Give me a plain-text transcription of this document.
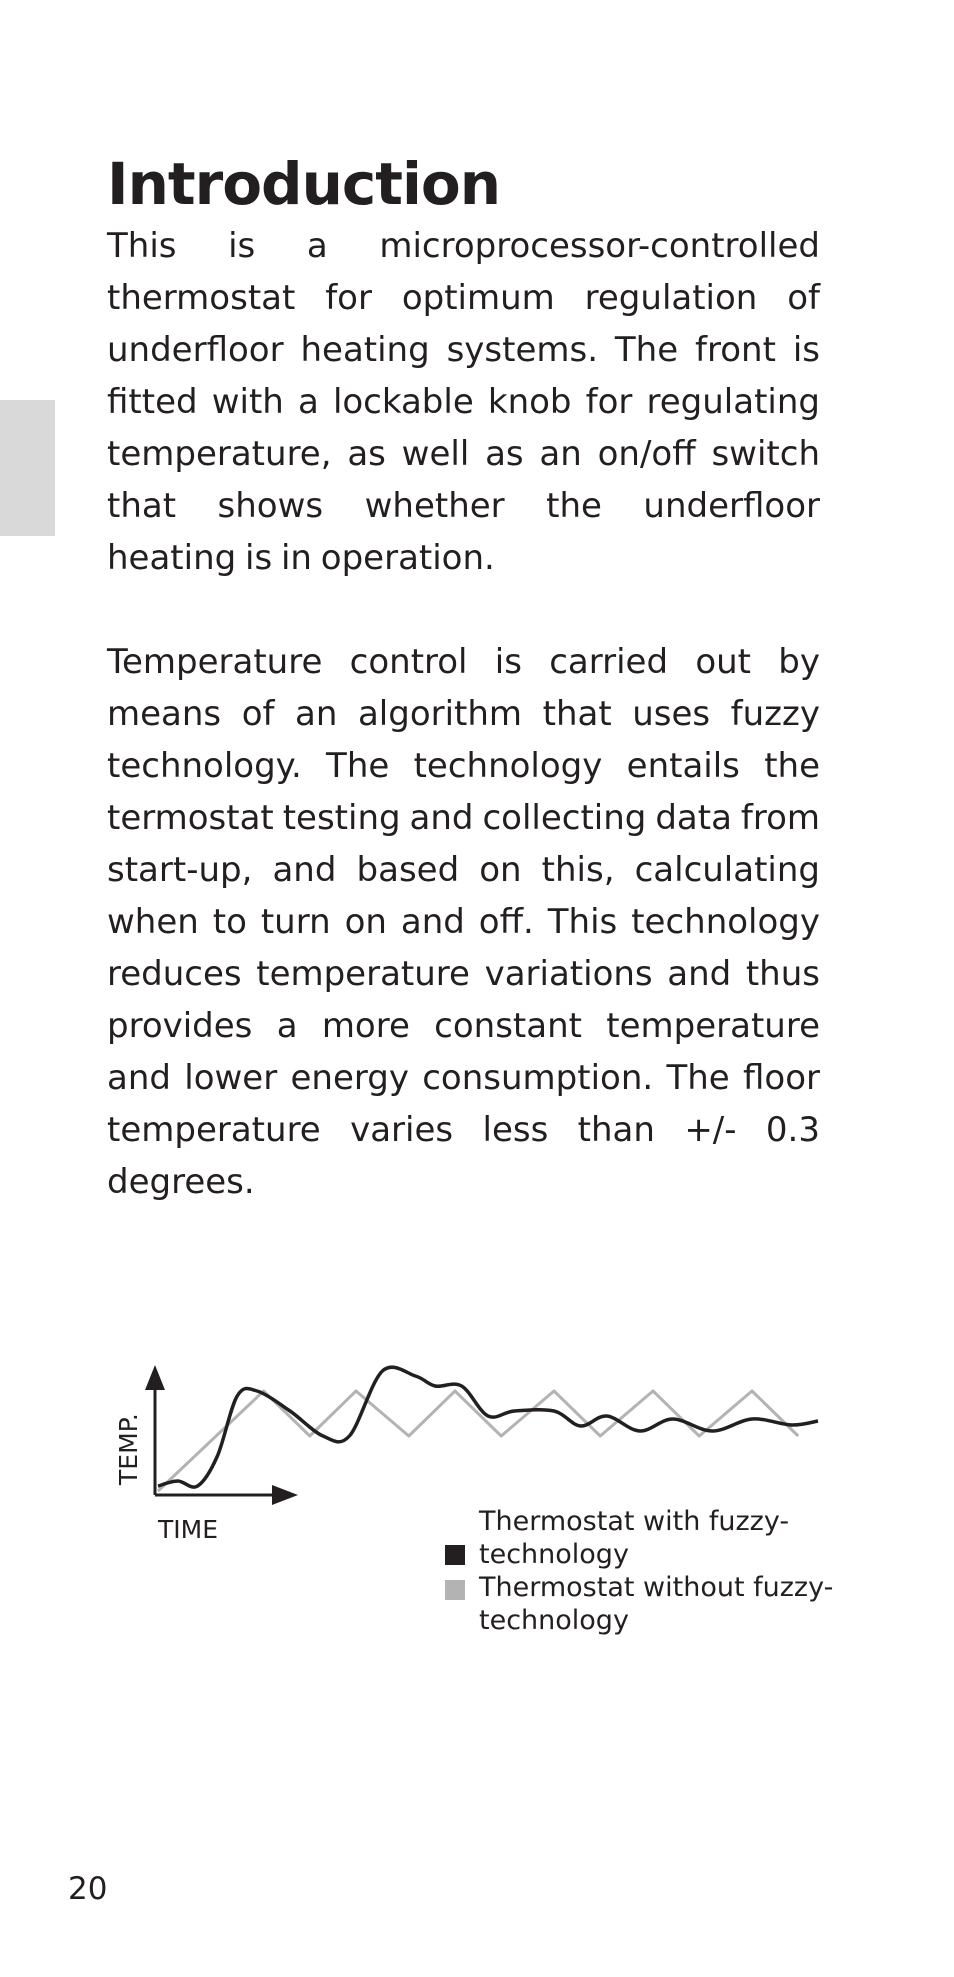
Introduction

This is a microprocessor-controlled thermostat for optimum regulation of underfloor heating systems. The front is fitted with a lockable knob for regulating temperature, as well as an on/off switch that shows whether the underfloor heating is in operation.

Temperature control is carried out by means of an algorithm that uses fuzzy technology. The technology entails the termostat testing and collecting data from start-up, and based on this, calculating when to turn on and off. This technology reduces temperature variations and thus provides a more constant temperature and lower energy consumption. The floor temperature varies less than +/- 0.3 degrees.

TEMP.
TIME	Thermostat with fuzzy-
technology
Thermostat without fuzzy-
technology
20
